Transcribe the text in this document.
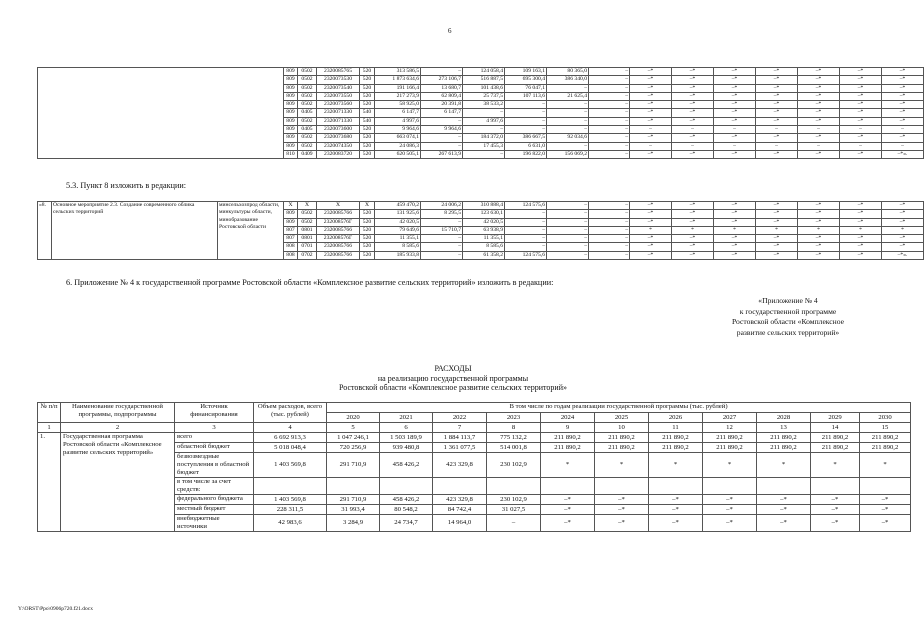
6
	809	0502	2320085765	520	313 586,5	–	124 058,4	109 163,1	80 365,0	–	–*	–*	–*	–*	–*	–*	–*
	809	0502	2320073530	520	1 873 634,6	273 106,7	516 887,5	695 300,4	386 340,0	–	–*	–*	–*	–*	–*	–*	–*
	809	0502	2320073540	520	191 166,4	13 680,7	101 438,6	76 047,1	–	–	–*	–*	–*	–*	–*	–*	–*
	809	0502	2320073550	520	217 273,9	62 809,4	25 737,5	107 113,6	21 625,4	–	–*	–*	–*	–*	–*	–*	–*
	809	0502	2320073560	520	58 925,0	20 391,8	38 533,2	–	–	–	–*	–*	–*	–*	–*	–*	–*
	809	0405	2320071330	540	6 147,7	6 147,7	–	–	–	–	–*	–*	–*	–*	–*	–*	–*
	809	0502	2320071330	540	4 997,6	–	4 997,6	–	–	–	–*	–*	–*	–*	–*	–*	–*
	809	0405	2320073600	520	9 964,6	9 964,6	–	–	–	–	–	–	–	–	–	–	–
	809	0502	2320073680	520	663 074,1	–	184 372,0	386 667,5	92 034,6	–	–*	–*	–*	–*	–*	–*	–*
	809	0502	2320074350	520	24 086,3	–	17 455,3	6 631,0	–	–	–	–	–	–	–	–	–
	810	0409	2320083720	520	620 505,1	267 613,9	–	196 822,0	156 069,2	–	–*	–*	–*	–*	–*	–*	–*».
5.3. Пункт 8 изложить в редакции:
«8.	Основное мероприятие 2.3. Создание современного облика сельских территорий	минсельхозпрод области, минкультуры области, минобразование Ростовской области	X	X	X	X	459 470,2	24 006,2	310 888,4	124 575,6	–	–	–*	–*	–*	–*	–*	–*	–*
			809	0502	2320085766	520	131 925,6	8 295,5	123 630,1	–	–	–	–*	–*	–*	–*	–*	–*	–*
			809	0502	232008576Г	520	42 020,5	–	42 020,5	–	–	–	–*	–*	–*	–*	–*	–*	–*
			807	0801	2320085766	520	79 649,6	15 710,7	63 938,9	–	–	–	*	*	*	*	*	*	*
			807	0801	232008576Г	520	11 355,1	–	11 355,1	–	–	–	–*	–*	–*	–*	–*	–*	–*
			808	0701	2320085766	520	8 585,6	–	8 585,6	–	–	–	–*	–*	–*	–*	–*	–*	–*
			808	0702	2320085766	520	185 933,8	–	61 358,2	124 575,6	–	–	–*	–*	–*	–*	–*	–*	–*».
6. Приложение № 4 к государственной программе Ростовской области «Комплексное развитие сельских территорий» изложить в редакции:
«Приложение № 4
к государственной программе
Ростовской области «Комплексное
развитие сельских территорий»
РАСХОДЫ
на реализацию государственной программы
Ростовской области «Комплексное развитие сельских территорий»
№ п/п	Наименование государственной программы, подпрограммы	Источник финансирования	Объем расходов, всего (тыс. рублей)	В том числе по годам реализации государственной программы (тыс. рублей)										
				2020	2021	2022	2023	2024	2025	2026	2027	2028	2029	2030
1	2	3	4	5	6	7	8	9	10	11	12	13	14	15
1.	Государственная программа Ростовской области «Комплексное развитие сельских территорий»	всего	6 692 913,3	1 047 246,1	1 503 189,9	1 884 113,7	775 132,2	211 890,2	211 890,2	211 890,2	211 890,2	211 890,2	211 890,2	211 890,2
		областной бюджет	5 018 048,4	720 256,9	939 480,8	1 361 077,5	514 001,8	211 890,2	211 890,2	211 890,2	211 890,2	211 890,2	211 890,2	211 890,2
		безвозмездные поступления в областной бюджет	1 403 569,8	291 710,9	458 426,2	423 329,8	230 102,9	*	*	*	*	*	*	*
		в том числе за счет средств:												
		федерального бюджета	1 403 569,8	291 710,9	458 426,2	423 329,8	230 102,9	–*	–*	–*	–*	–*	–*	–*
		местный бюджет	228 311,5	31 993,4	80 548,2	84 742,4	31 027,5	–*	–*	–*	–*	–*	–*	–*
		внебюджетные источники	42 983,6	3 284,9	24 734,7	14 964,0	–	–*	–*	–*	–*	–*	–*	–*
Y:\ORST\Ppo\0906p720.f21.docx
